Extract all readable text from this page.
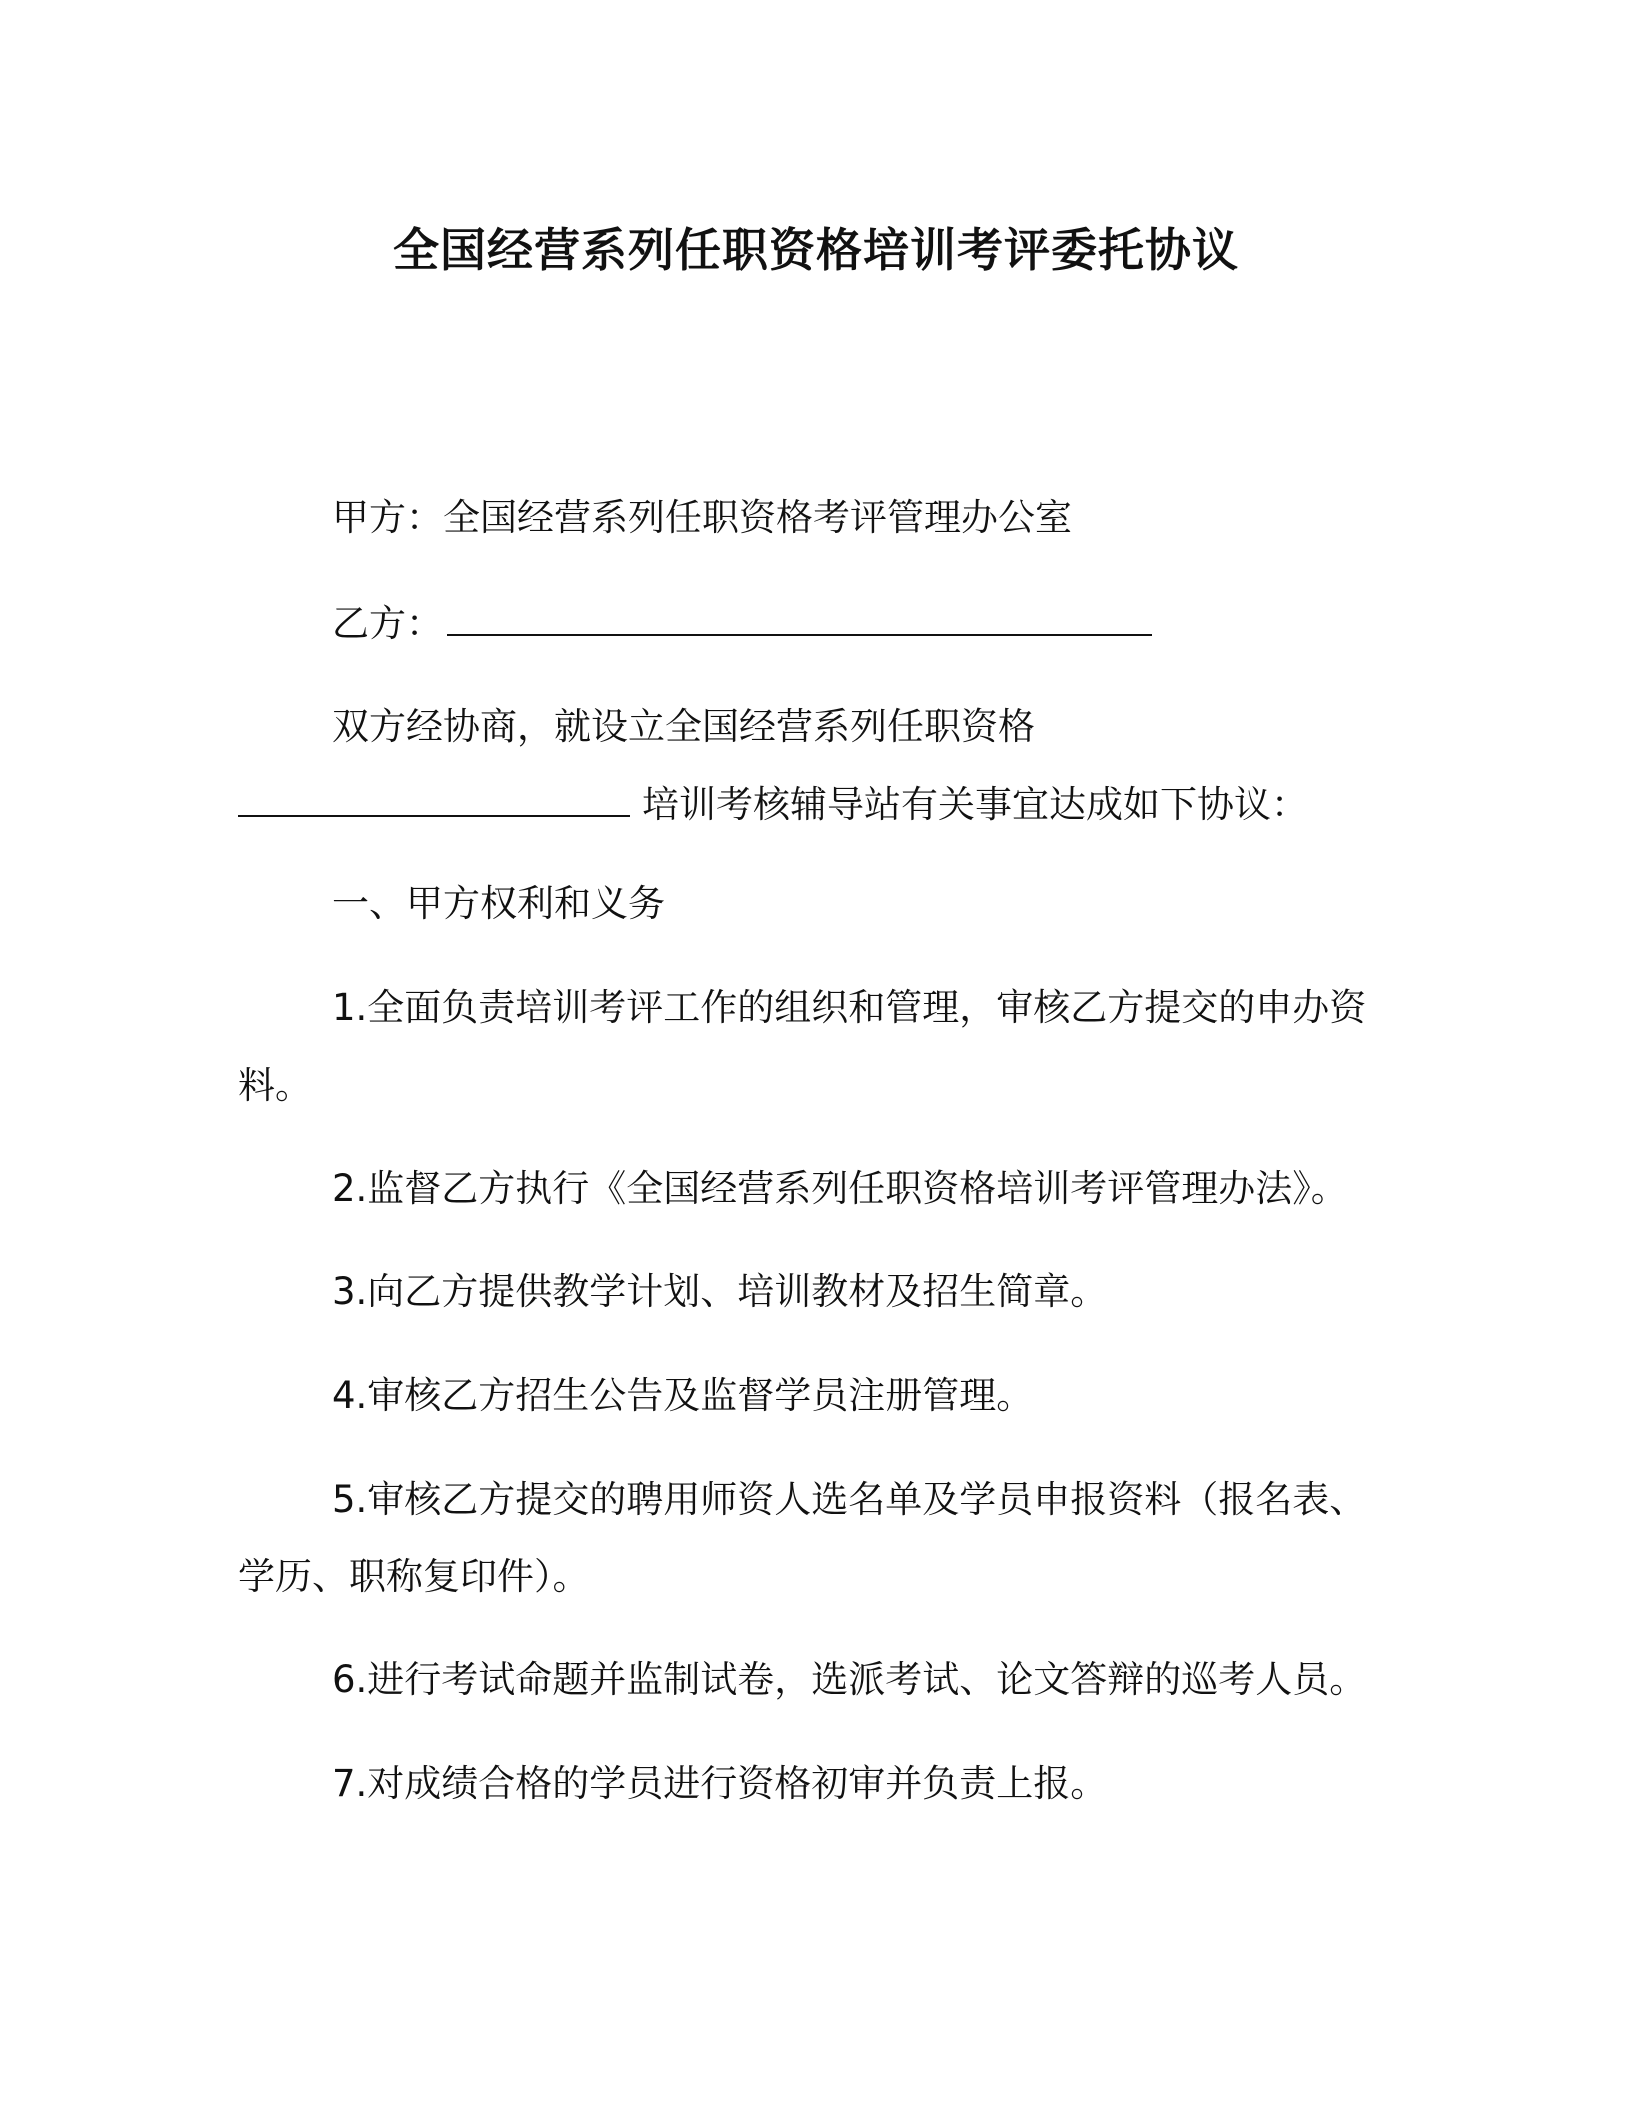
全国经营系列任职资格培训考评委托协议

甲方：全国经营系列任职资格考评管理办公室

乙方：

双方经协商，就设立全国经营系列任职资格

培训考核辅导站有关事宜达成如下协议：

一、甲方权利和义务

1.全面负责培训考评工作的组织和管理，审核乙方提交的申办资

料。

2.监督乙方执行《全国经营系列任职资格培训考评管理办法》。

3.向乙方提供教学计划、培训教材及招生简章。

4.审核乙方招生公告及监督学员注册管理。

5.审核乙方提交的聘用师资人选名单及学员申报资料（报名表、

学历、职称复印件）。

6.进行考试命题并监制试卷，选派考试、论文答辩的巡考人员。

7.对成绩合格的学员进行资格初审并负责上报。
